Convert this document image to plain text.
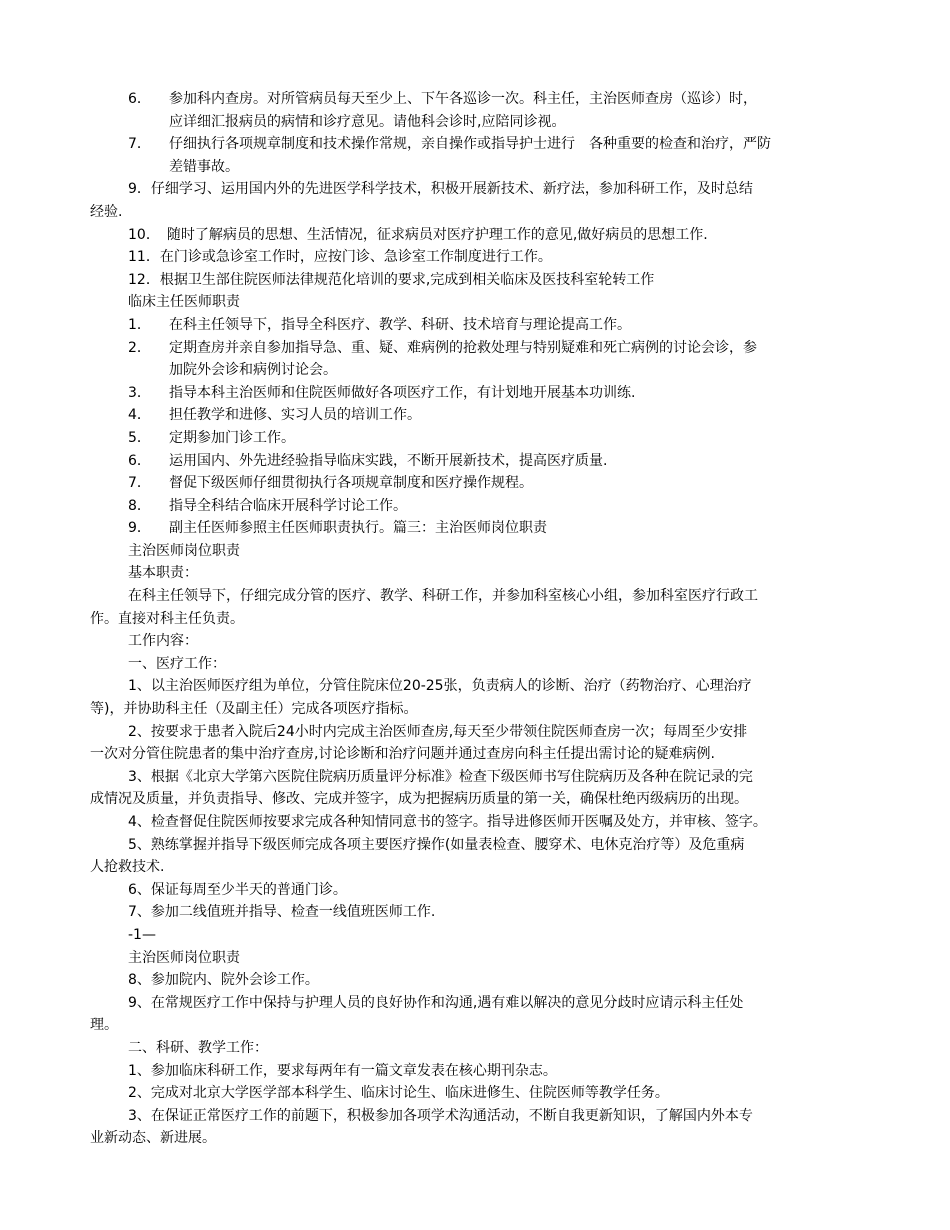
6．	参加科内查房。对所管病员每天至少上、下午各巡诊一次。科主任，主治医师查房（巡诊）时，
应详细汇报病员的病情和诊疗意见。请他科会诊时,应陪同诊视。
7．	仔细执行各项规章制度和技术操作常规，亲自操作或指导护士进行　各种重要的检查和治疗，严防
差错事故。
9．仔细学习、运用国内外的先进医学科学技术，积极开展新技术、新疗法，参加科研工作，及时总结
经验.
10．　随时了解病员的思想、生活情况，征求病员对医疗护理工作的意见,做好病员的思想工作.
11．在门诊或急诊室工作时，应按门诊、急诊室工作制度进行工作。
12．根据卫生部住院医师法律规范化培训的要求,完成到相关临床及医技科室轮转工作
临床主任医师职责
1．	在科主任领导下，指导全科医疗、教学、科研、技术培育与理论提高工作。
2．	定期查房并亲自参加指导急、重、疑、难病例的抢救处理与特别疑难和死亡病例的讨论会诊，参
加院外会诊和病例讨论会。
3．	指导本科主治医师和住院医师做好各项医疗工作，有计划地开展基本功训练.
4．	担任教学和进修、实习人员的培训工作。
5．	定期参加门诊工作。
6．	运用国内、外先进经验指导临床实践，不断开展新技术，提高医疗质量.
7．	督促下级医师仔细贯彻执行各项规章制度和医疗操作规程。
8．	指导全科结合临床开展科学讨论工作。
9．	副主任医师参照主任医师职责执行。篇三：主治医师岗位职责
主治医师岗位职责
基本职责：
在科主任领导下，仔细完成分管的医疗、教学、科研工作，并参加科室核心小组，参加科室医疗行政工
作。直接对科主任负责。
工作内容：
一、医疗工作：
1、以主治医师医疗组为单位，分管住院床位20-25张，负责病人的诊断、治疗（药物治疗、心理治疗
等)，并协助科主任（及副主任）完成各项医疗指标。
2、按要求于患者入院后24小时内完成主治医师查房,每天至少带领住院医师查房一次；每周至少安排
一次对分管住院患者的集中治疗查房,讨论诊断和治疗问题并通过查房向科主任提出需讨论的疑难病例.
3、根据《北京大学第六医院住院病历质量评分标准》检查下级医师书写住院病历及各种在院记录的完
成情况及质量，并负责指导、修改、完成并签字，成为把握病历质量的第一关，确保杜绝丙级病历的出现。
4、检查督促住院医师按要求完成各种知情同意书的签字。指导进修医师开医嘱及处方，并审核、签字。
5、熟练掌握并指导下级医师完成各项主要医疗操作(如量表检查、腰穿术、电休克治疗等）及危重病
人抢救技术.
6、保证每周至少半天的普通门诊。
7、参加二线值班并指导、检查一线值班医师工作.
-1—
主治医师岗位职责
8、参加院内、院外会诊工作。
9、在常规医疗工作中保持与护理人员的良好协作和沟通,遇有难以解决的意见分歧时应请示科主任处
理。
二、科研、教学工作：
1、参加临床科研工作，要求每两年有一篇文章发表在核心期刊杂志。
2、完成对北京大学医学部本科学生、临床讨论生、临床进修生、住院医师等教学任务。
3、在保证正常医疗工作的前题下，积极参加各项学术沟通活动，不断自我更新知识，了解国内外本专
业新动态、新进展。
